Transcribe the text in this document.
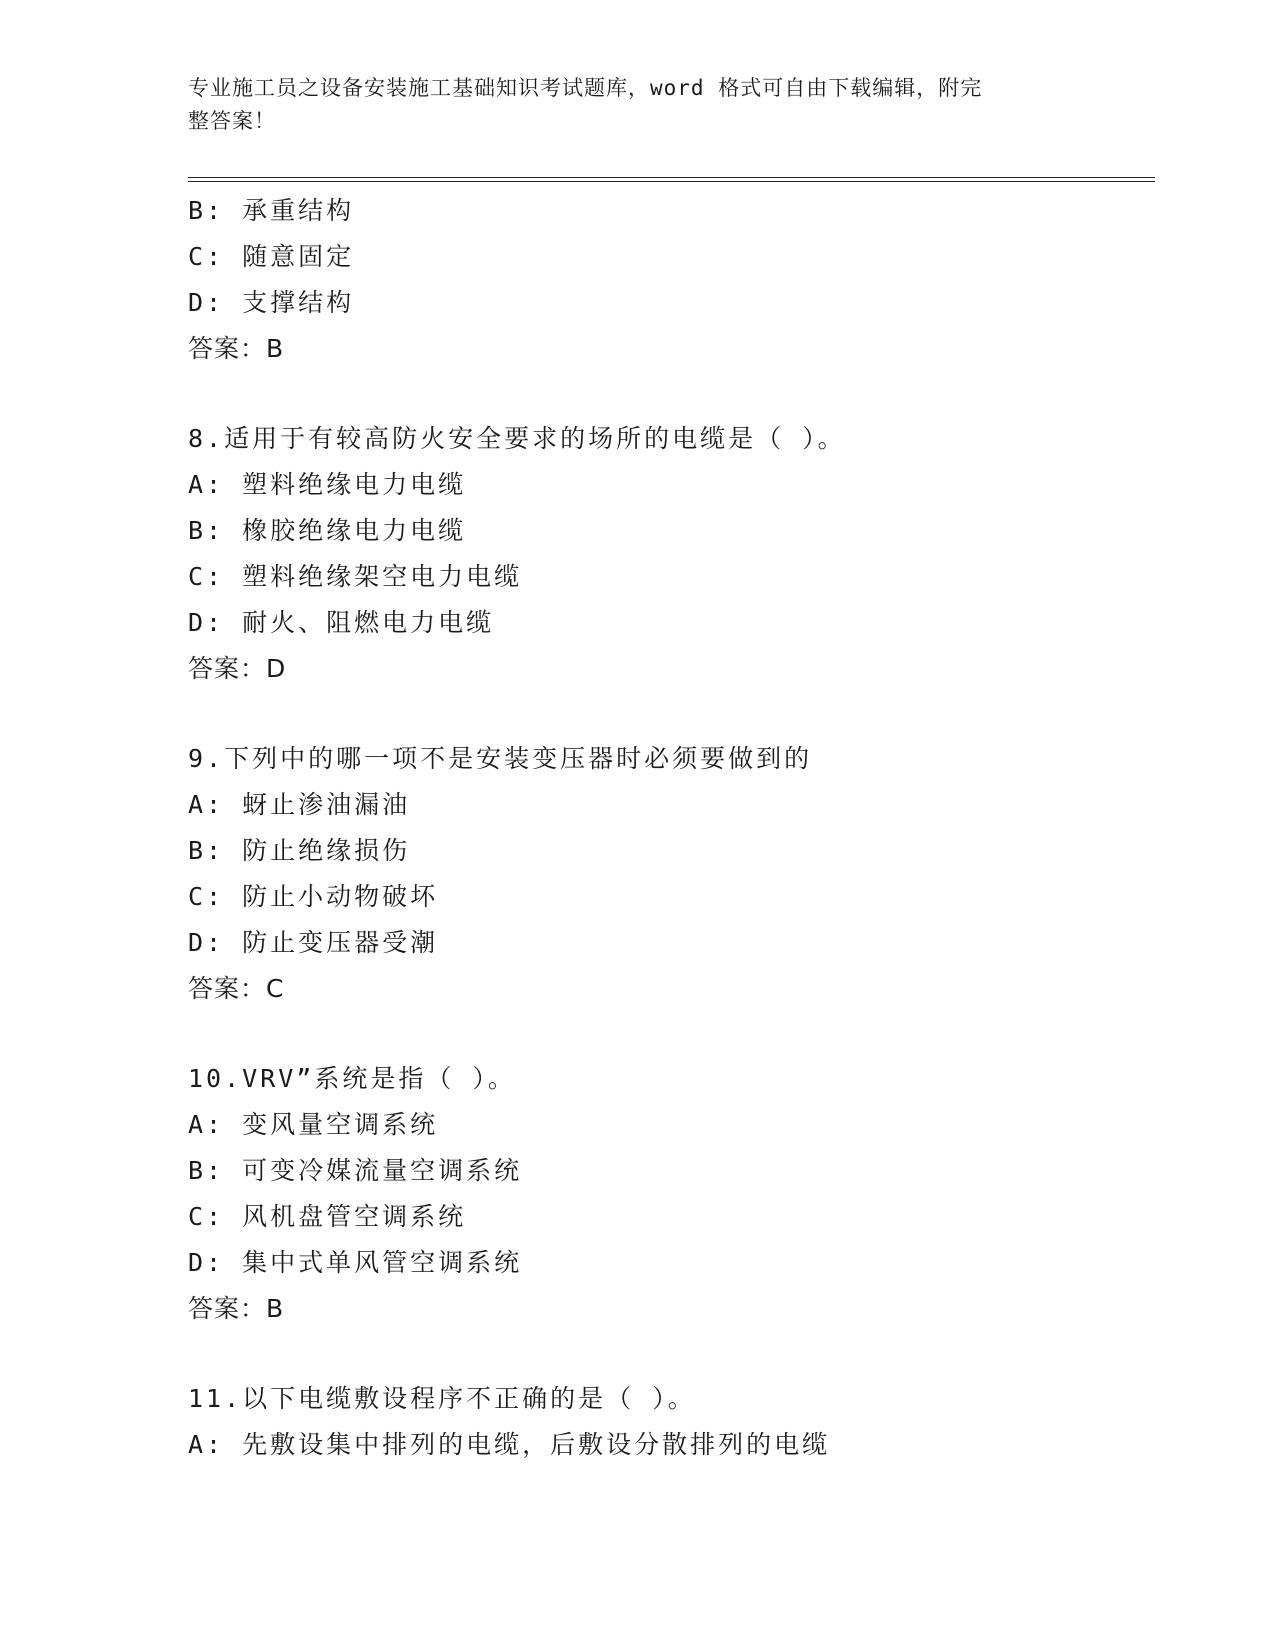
专业施工员之设备安装施工基础知识考试题库，word 格式可自由下载编辑，附完
整答案！
B: 承重结构
C: 随意固定
D: 支撑结构
答案：B
8.适用于有较高防火安全要求的场所的电缆是（ ）。
A: 塑料绝缘电力电缆
B: 橡胶绝缘电力电缆
C: 塑料绝缘架空电力电缆
D: 耐火、阻燃电力电缆
答案：D
9.下列中的哪一项不是安装变压器时必须要做到的
A: 蚜止渗油漏油
B: 防止绝缘损伤
C: 防止小动物破坏
D: 防止变压器受潮
答案：C
10.VRV”系统是指（ ）。
A: 变风量空调系统
B: 可变冷媒流量空调系统
C: 风机盘管空调系统
D: 集中式单风管空调系统
答案：B
11.以下电缆敷设程序不正确的是（ ）。
A: 先敷设集中排列的电缆，后敷设分散排列的电缆
